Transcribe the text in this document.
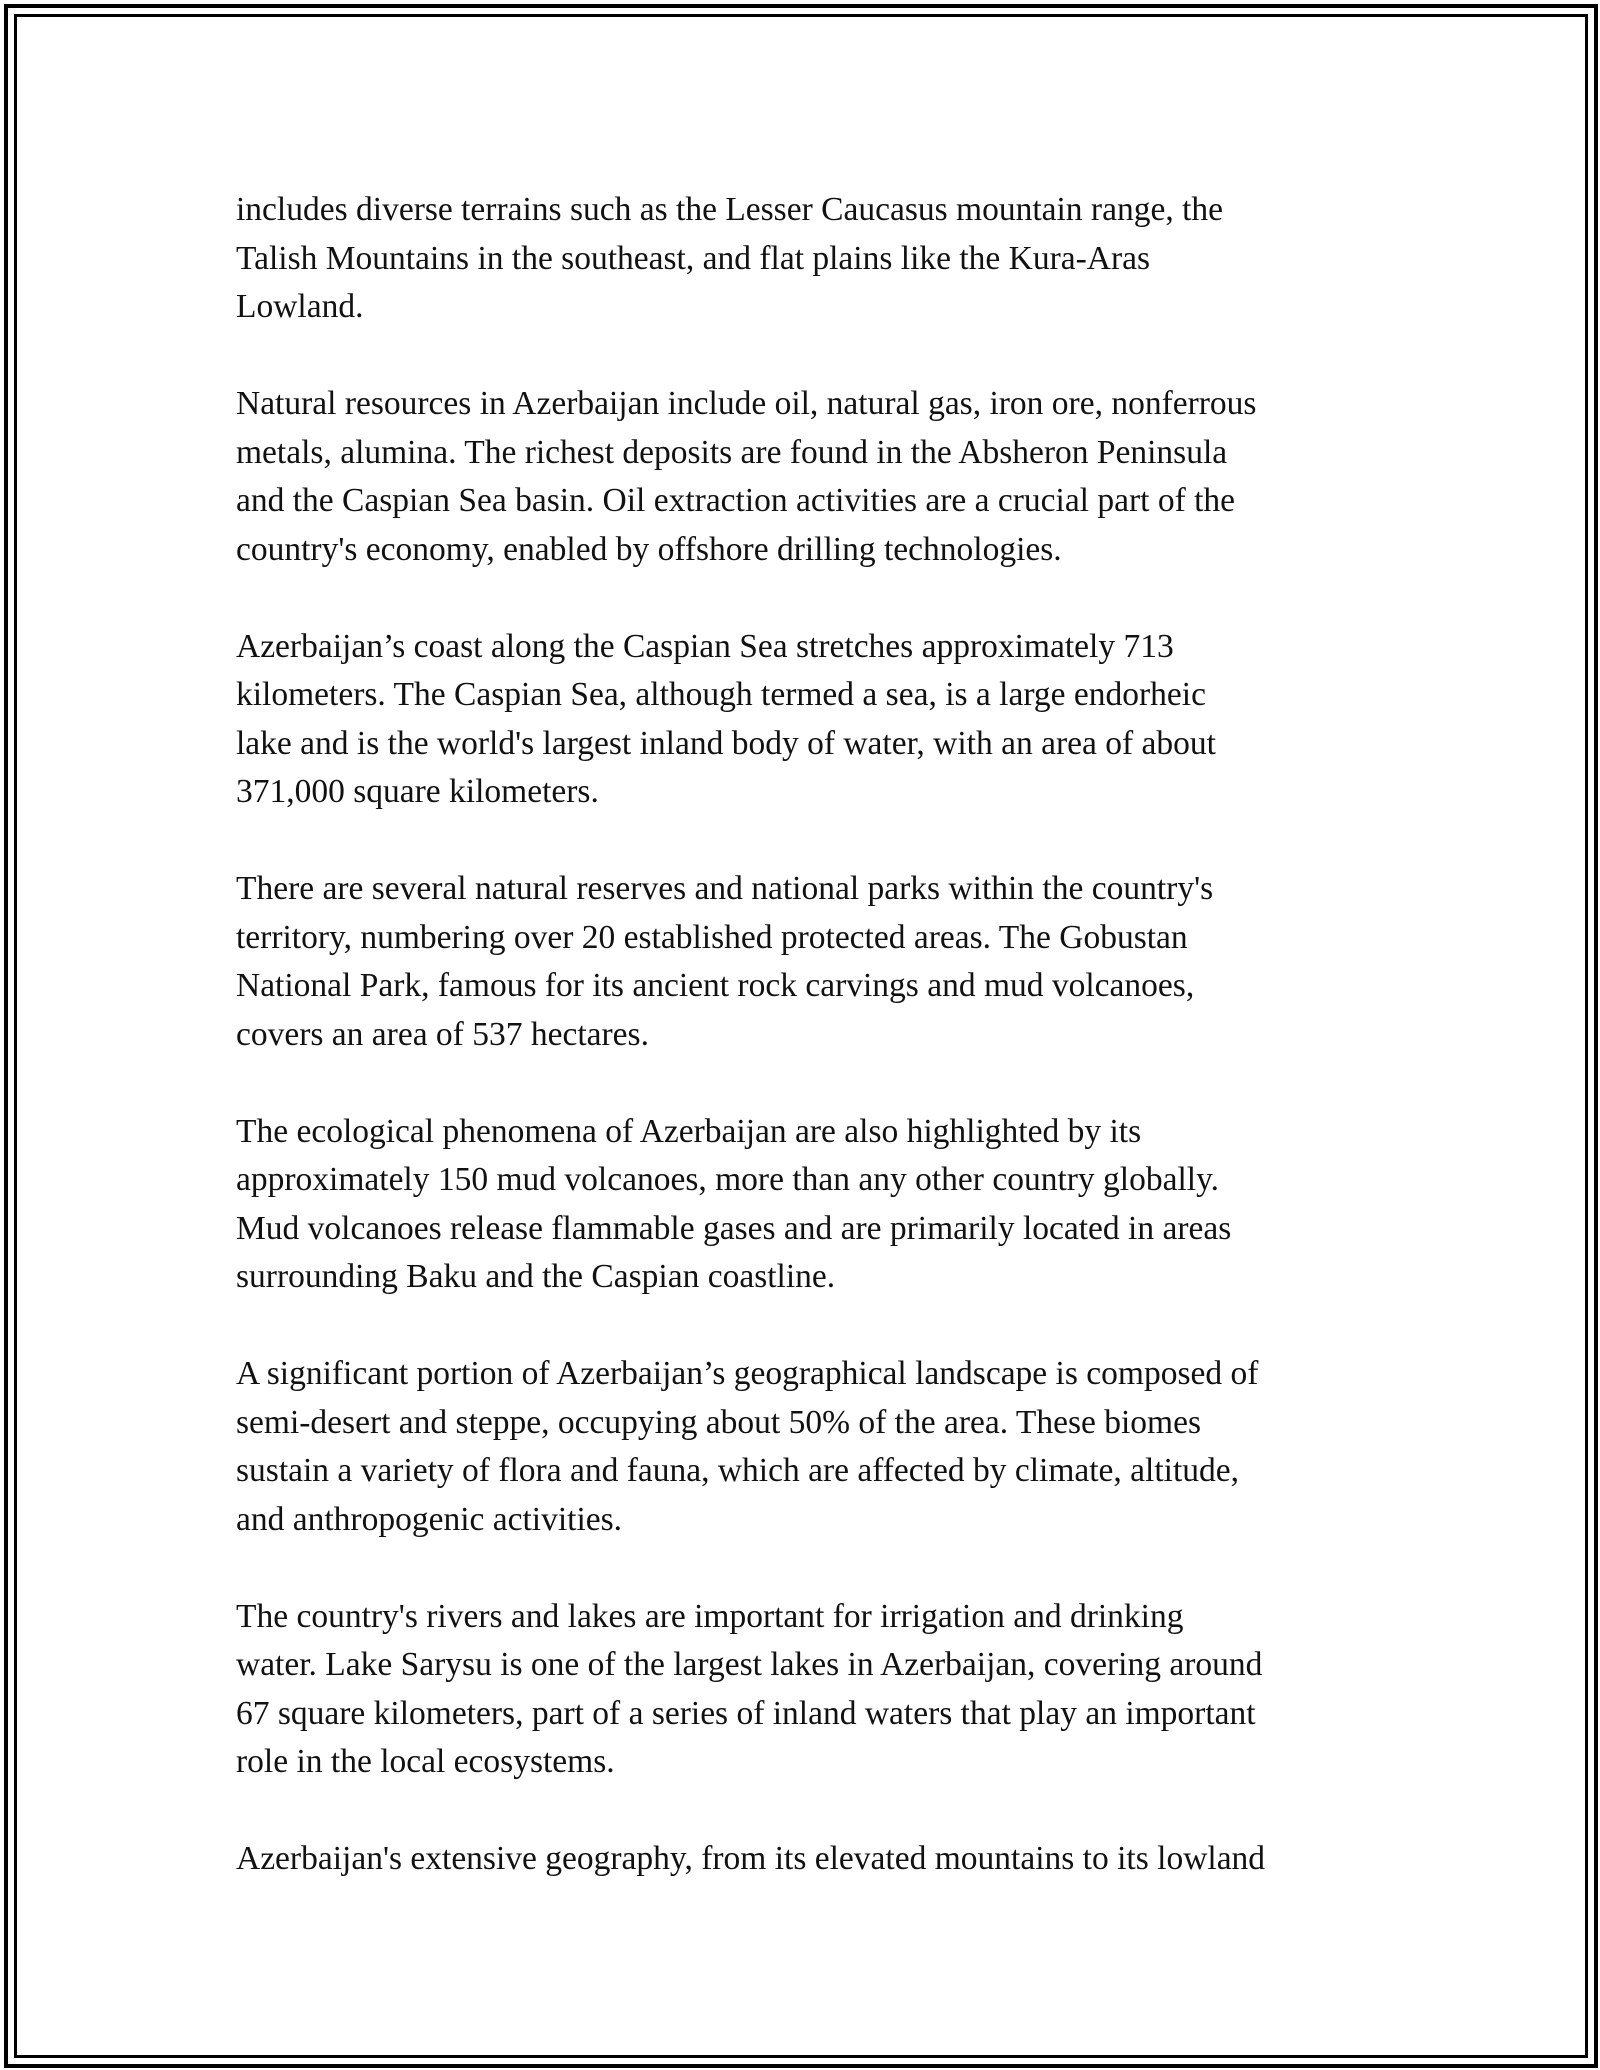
includes diverse terrains such as the Lesser Caucasus mountain range, the
Talish Mountains in the southeast, and flat plains like the Kura-Aras
Lowland.

Natural resources in Azerbaijan include oil, natural gas, iron ore, nonferrous
metals, alumina. The richest deposits are found in the Absheron Peninsula
and the Caspian Sea basin. Oil extraction activities are a crucial part of the
country's economy, enabled by offshore drilling technologies.

Azerbaijan’s coast along the Caspian Sea stretches approximately 713
kilometers. The Caspian Sea, although termed a sea, is a large endorheic
lake and is the world's largest inland body of water, with an area of about
371,000 square kilometers.

There are several natural reserves and national parks within the country's
territory, numbering over 20 established protected areas. The Gobustan
National Park, famous for its ancient rock carvings and mud volcanoes,
covers an area of 537 hectares.

The ecological phenomena of Azerbaijan are also highlighted by its
approximately 150 mud volcanoes, more than any other country globally.
Mud volcanoes release flammable gases and are primarily located in areas
surrounding Baku and the Caspian coastline.

A significant portion of Azerbaijan’s geographical landscape is composed of
semi-desert and steppe, occupying about 50% of the area. These biomes
sustain a variety of flora and fauna, which are affected by climate, altitude,
and anthropogenic activities.

The country's rivers and lakes are important for irrigation and drinking
water. Lake Sarysu is one of the largest lakes in Azerbaijan, covering around
67 square kilometers, part of a series of inland waters that play an important
role in the local ecosystems.

Azerbaijan's extensive geography, from its elevated mountains to its lowland
